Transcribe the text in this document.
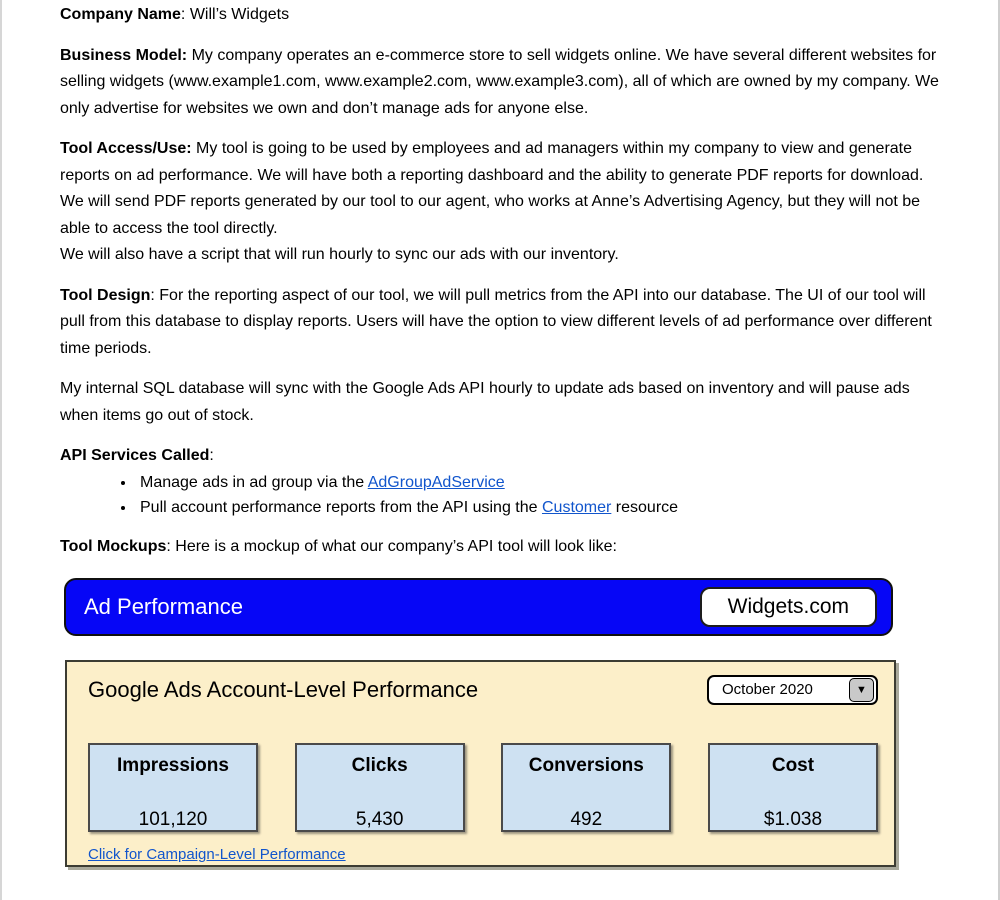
Company Name: Will’s Widgets

Business Model: My company operates an e-commerce store to sell widgets online. We have several different websites for selling widgets (www.example1.com, www.example2.com, www.example3.com), all of which are owned by my company. We only advertise for websites we own and don’t manage ads for anyone else.

Tool Access/Use: My tool is going to be used by employees and ad managers within my company to view and generate reports on ad performance. We will have both a reporting dashboard and the ability to generate PDF reports for download. We will send PDF reports generated by our tool to our agent, who works at Anne’s Advertising Agency, but they will not be able to access the tool directly.
We will also have a script that will run hourly to sync our ads with our inventory.

Tool Design: For the reporting aspect of our tool, we will pull metrics from the API into our database. The UI of our tool will pull from this database to display reports. Users will have the option to view different levels of ad performance over different time periods.

My internal SQL database will sync with the Google Ads API hourly to update ads based on inventory and will pause ads when items go out of stock.

API Services Called:

• Manage ads in ad group via the AdGroupAdService
• Pull account performance reports from the API using the Customer resource

Tool Mockups: Here is a mockup of what our company’s API tool will look like:

Ad Performance	Widgets.com
Google Ads Account-Level Performance	October 2020	▼
Impressions
101,120
Clicks
5,430
Conversions
492
Cost
$1.038
Click for Campaign-Level Performance
